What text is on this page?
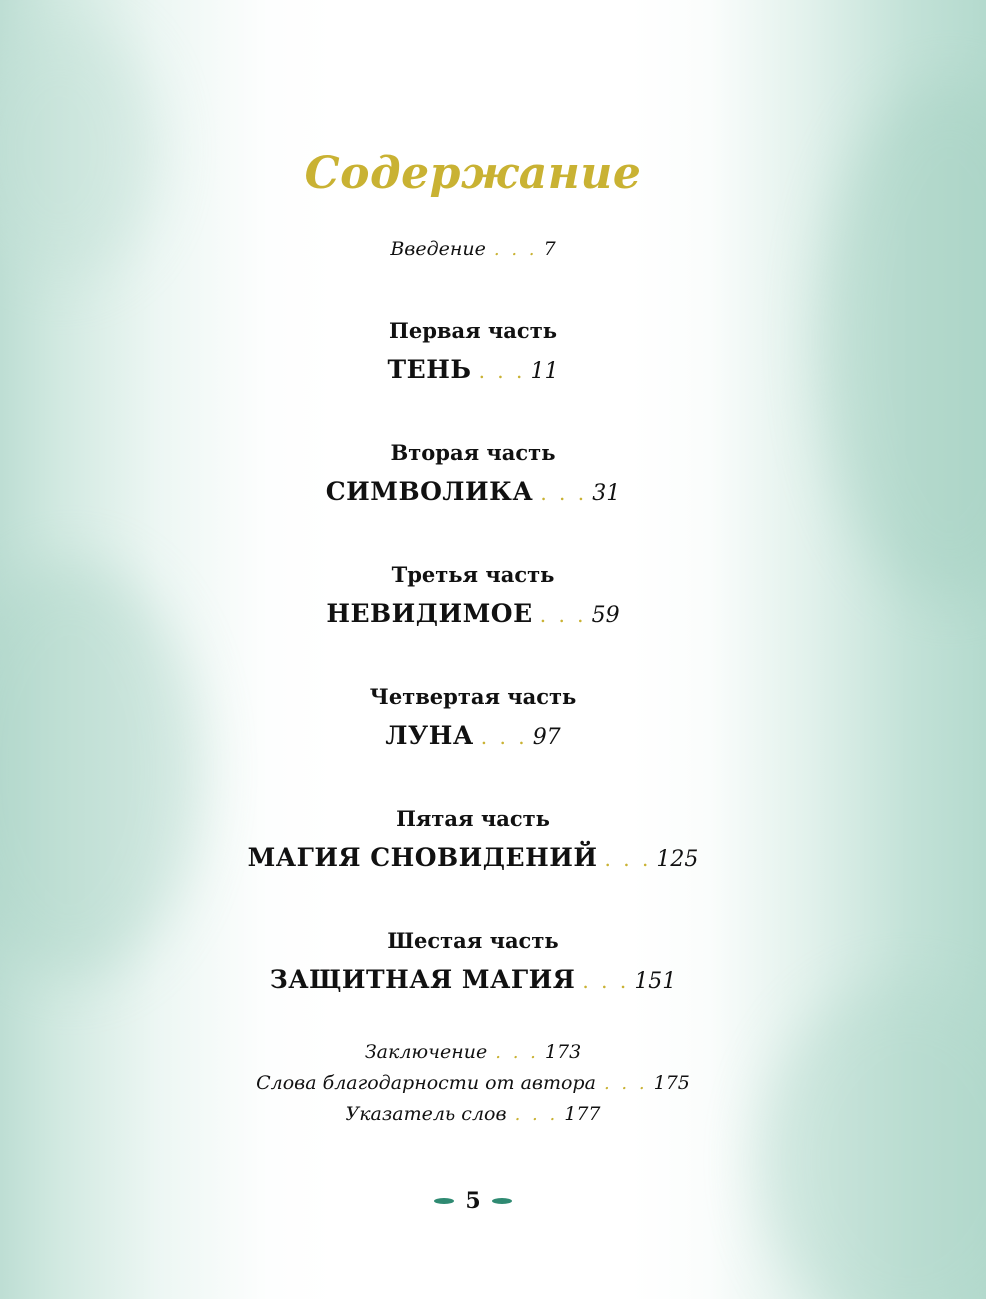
Содержание
Введение . . . 7
Первая часть
ТЕНЬ . . . 11
Вторая часть
СИМВОЛИКА . . . 31
Третья часть
НЕВИДИМОЕ . . . 59
Четвертая часть
ЛУНА . . . 97
Пятая часть
МАГИЯ СНОВИДЕНИЙ . . . 125
Шестая часть
ЗАЩИТНАЯ МАГИЯ . . . 151
Заключение . . . 173
Слова благодарности от автора . . . 175
Указатель слов . . . 177
5
